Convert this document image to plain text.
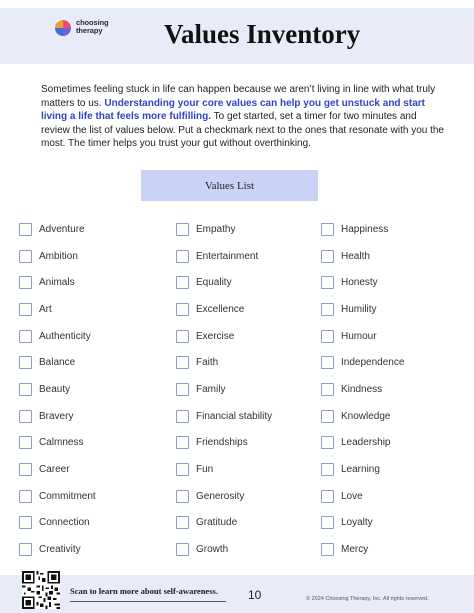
choosing
therapy Values Inventory

Sometimes feeling stuck in life can happen because we aren’t living in line with what truly matters to us. Understanding your core values can help you get unstuck and start living a life that feels more fulfilling. To get started, set a timer for two minutes and review the list of values below. Put a checkmark next to the ones that resonate with you the most. The timer helps you trust your gut without overthinking.

Values List
Adventure
Ambition
Animals
Art
Authenticity
Balance
Beauty
Bravery
Calmness
Career
Commitment
Connection
Creativity
Empathy
Entertainment
Equality
Excellence
Exercise
Faith
Family
Financial stability
Friendships
Fun
Generosity
Gratitude
Growth
Happiness
Health
Honesty
Humility
Humour
Independence
Kindness
Knowledge
Leadership
Learning
Love
Loyalty
Mercy
Scan to learn more about self-awareness.	10	© 2024 Choosing Therapy, Inc. All rights reserved.
